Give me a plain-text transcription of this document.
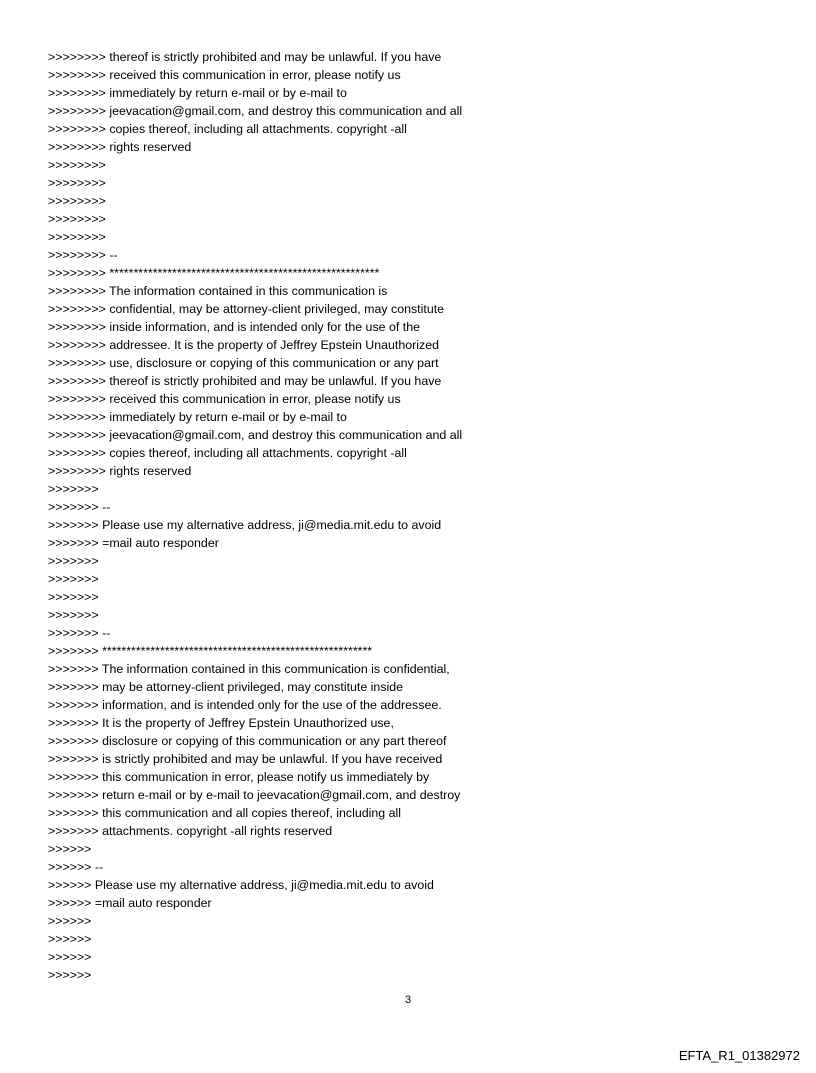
>>>>>>>> thereof is strictly prohibited and may be unlawful. If you have
>>>>>>>> received this communication in error, please notify us
>>>>>>>> immediately by return e-mail or by e-mail to
>>>>>>>> jeevacation@gmail.com, and destroy this communication and all
>>>>>>>> copies thereof, including all attachments. copyright -all
>>>>>>>> rights reserved
>>>>>>>>
>>>>>>>>
>>>>>>>>
>>>>>>>>
>>>>>>>>
>>>>>>>> --
>>>>>>>> ********************************************************
>>>>>>>> The information contained in this communication is
>>>>>>>> confidential, may be attorney-client privileged, may constitute
>>>>>>>> inside information, and is intended only for the use of the
>>>>>>>> addressee. It is the property of Jeffrey Epstein Unauthorized
>>>>>>>> use, disclosure or copying of this communication or any part
>>>>>>>> thereof is strictly prohibited and may be unlawful. If you have
>>>>>>>> received this communication in error, please notify us
>>>>>>>> immediately by return e-mail or by e-mail to
>>>>>>>> jeevacation@gmail.com, and destroy this communication and all
>>>>>>>> copies thereof, including all attachments. copyright -all
>>>>>>>> rights reserved
>>>>>>>
>>>>>>> --
>>>>>>> Please use my alternative address, ji@media.mit.edu to avoid
>>>>>>> =mail auto responder
>>>>>>>
>>>>>>>
>>>>>>>
>>>>>>>
>>>>>>> --
>>>>>>> ********************************************************
>>>>>>> The information contained in this communication is confidential,
>>>>>>> may be attorney-client privileged, may constitute inside
>>>>>>> information, and is intended only for the use of the addressee.
>>>>>>> It is the property of Jeffrey Epstein Unauthorized use,
>>>>>>> disclosure or copying of this communication or any part thereof
>>>>>>> is strictly prohibited and may be unlawful. If you have received
>>>>>>> this communication in error, please notify us immediately by
>>>>>>> return e-mail or by e-mail to jeevacation@gmail.com, and destroy
>>>>>>> this communication and all copies thereof, including all
>>>>>>> attachments. copyright -all rights reserved
>>>>>>
>>>>>> --
>>>>>> Please use my alternative address, ji@media.mit.edu to avoid
>>>>>> =mail auto responder
>>>>>>
>>>>>>
>>>>>>
>>>>>>
3
EFTA_R1_01382972
